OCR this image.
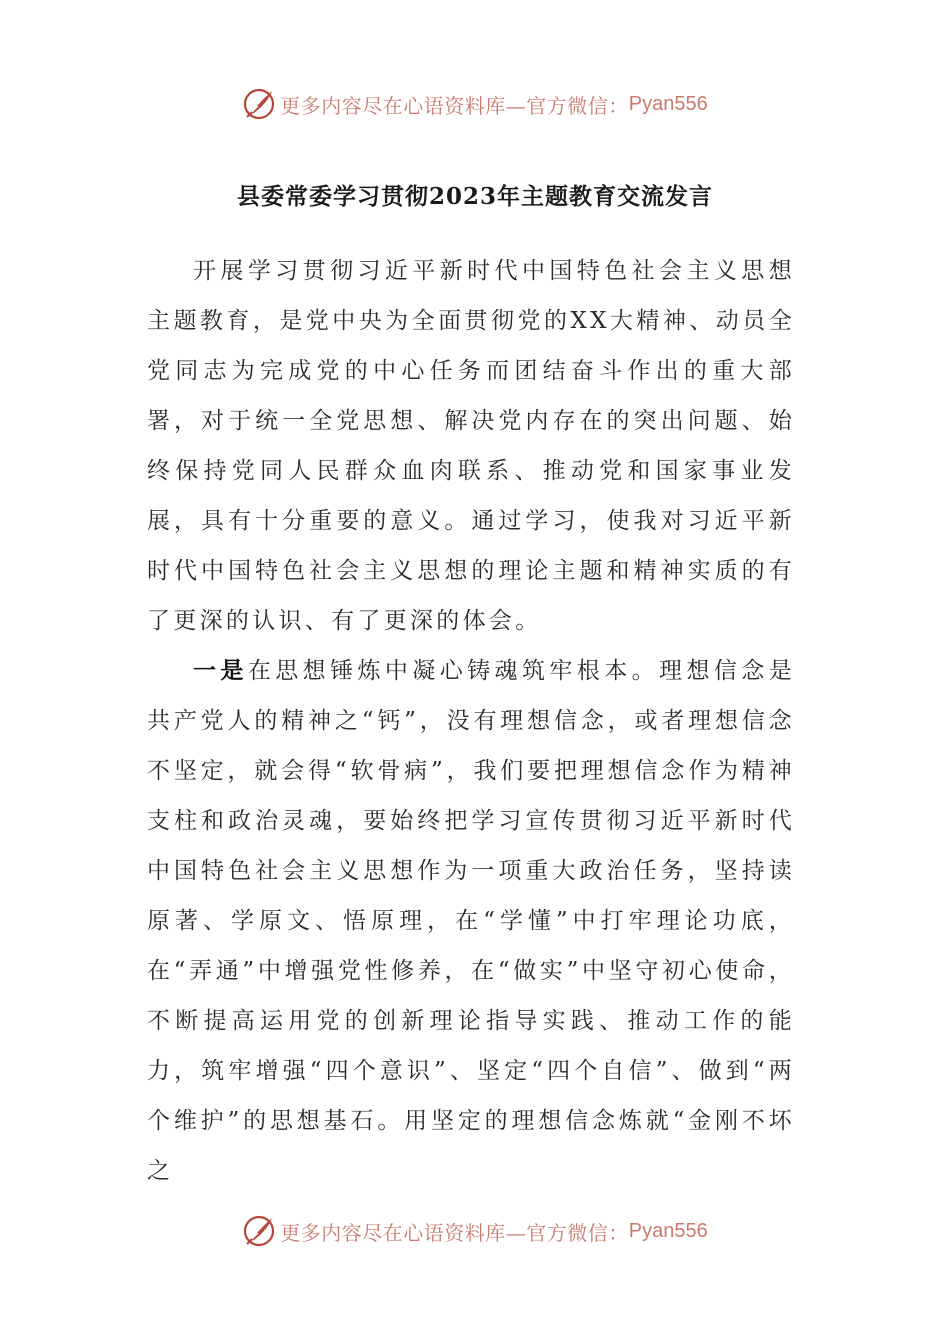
更多内容尽在心语资料库—官方微信： Pyan556
县委常委学习贯彻2023年主题教育交流发言

开展学习贯彻习近平新时代中国特色社会主义思想主题教育，是党中央为全面贯彻党的XX大精神、动员全党同志为完成党的中心任务而团结奋斗作出的重大部署，对于统一全党思想、解决党内存在的突出问题、始终保持党同人民群众血肉联系、推动党和国家事业发展，具有十分重要的意义。通过学习，使我对习近平新时代中国特色社会主义思想的理论主题和精神实质的有了更深的认识、有了更深的体会。

一是在思想锤炼中凝心铸魂筑牢根本。理想信念是共产党人的精神之“钙”，没有理想信念，或者理想信念不坚定，就会得“软骨病”，我们要把理想信念作为精神支柱和政治灵魂，要始终把学习宣传贯彻习近平新时代中国特色社会主义思想作为一项重大政治任务，坚持读原著、学原文、悟原理，在“学懂”中打牢理论功底，在“弄通”中增强党性修养，在“做实”中坚守初心使命，不断提高运用党的创新理论指导实践、推动工作的能力，筑牢增强“四个意识”、坚定“四个自信”、做到“两个维护”的思想基石。用坚定的理想信念炼就“金刚不坏之

更多内容尽在心语资料库—官方微信： Pyan556
